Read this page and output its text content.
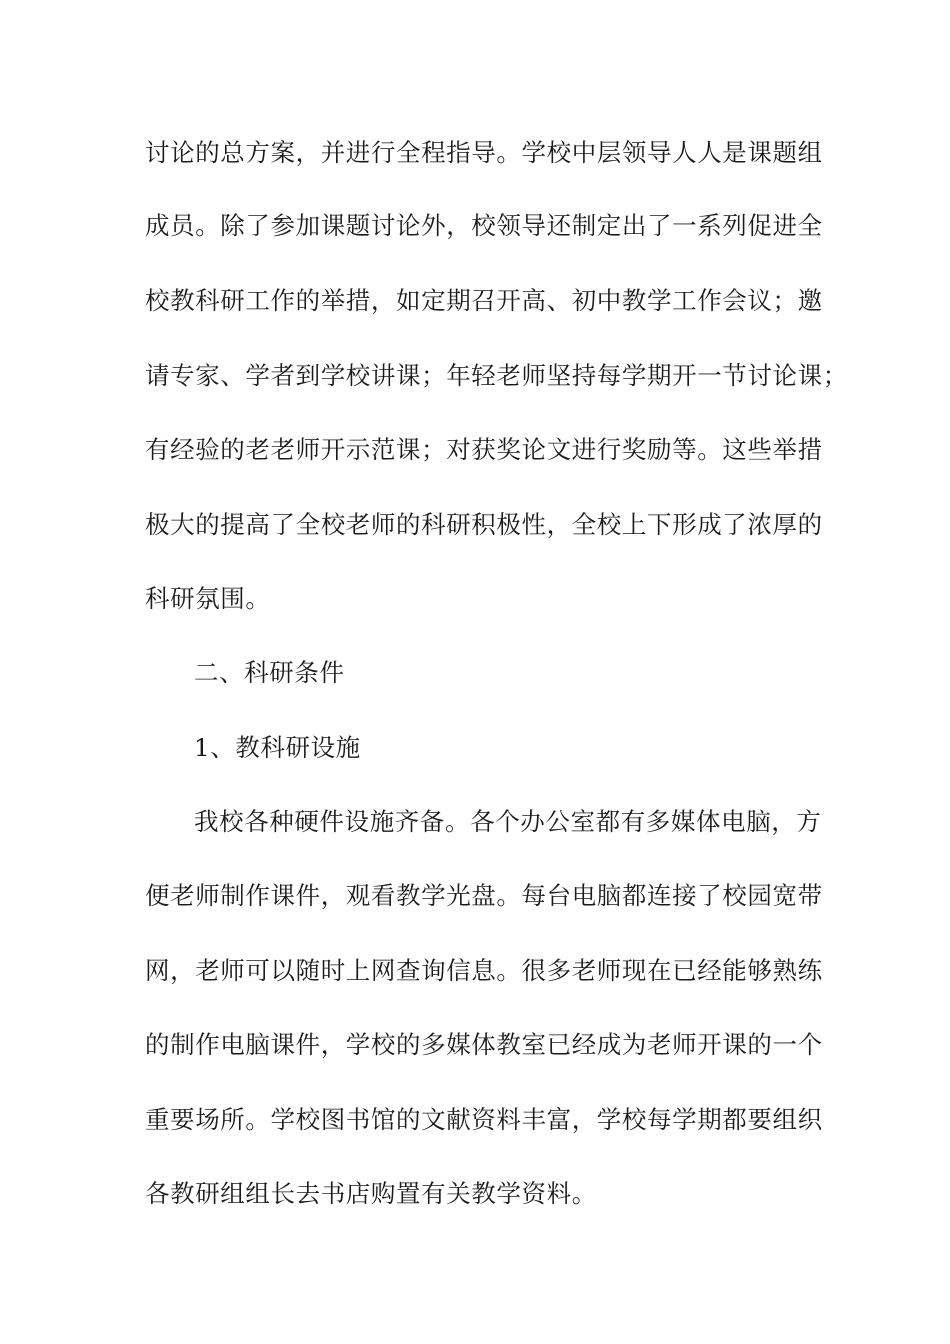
讨论的总方案，并进行全程指导。学校中层领导人人是课题组
成员。除了参加课题讨论外，校领导还制定出了一系列促进全
校教科研工作的举措，如定期召开高、初中教学工作会议；邀
请专家、学者到学校讲课；年轻老师坚持每学期开一节讨论课；
有经验的老老师开示范课；对获奖论文进行奖励等。这些举措
极大的提高了全校老师的科研积极性，全校上下形成了浓厚的
科研氛围。
二、科研条件
1、教科研设施
我校各种硬件设施齐备。各个办公室都有多媒体电脑，方
便老师制作课件，观看教学光盘。每台电脑都连接了校园宽带
网，老师可以随时上网查询信息。很多老师现在已经能够熟练
的制作电脑课件，学校的多媒体教室已经成为老师开课的一个
重要场所。学校图书馆的文献资料丰富，学校每学期都要组织
各教研组组长去书店购置有关教学资料。
